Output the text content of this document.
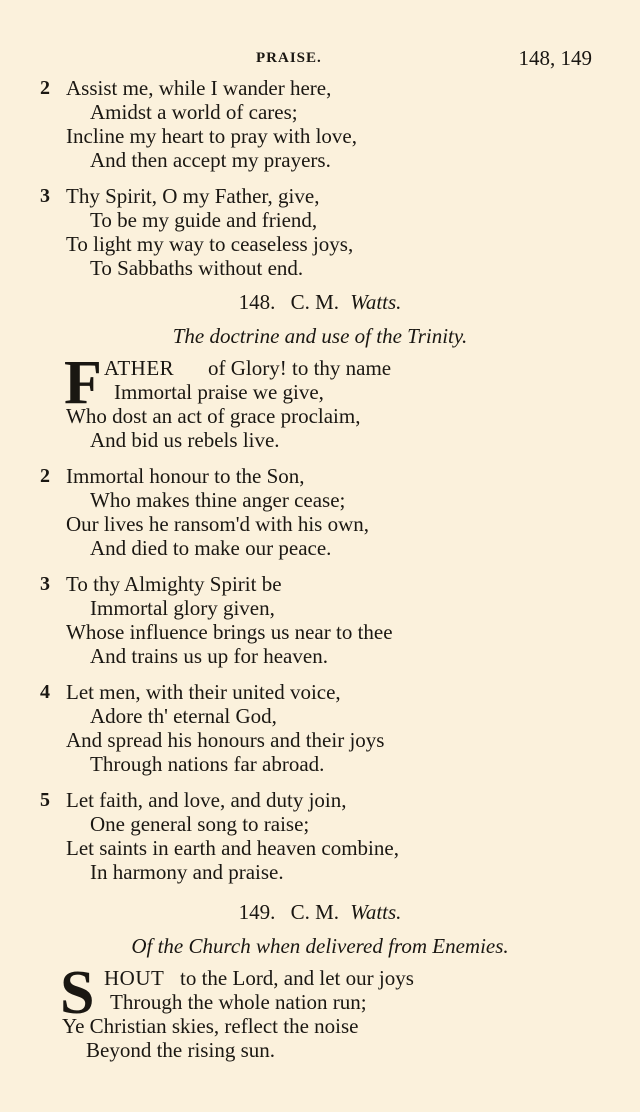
PRAISE.	148, 149
2 Assist me, while I wander here,
Amidst a world of cares;
Incline my heart to pray with love,
And then accept my prayers.
3 Thy Spirit, O my Father, give,
To be my guide and friend,
To light my way to ceaseless joys,
To Sabbaths without end.
148. C. M. Watts.
The doctrine and use of the Trinity.
F ATHER of Glory! to thy name
Immortal praise we give,
Who dost an act of grace proclaim,
And bid us rebels live.
2 Immortal honour to the Son,
Who makes thine anger cease;
Our lives he ransom'd with his own,
And died to make our peace.
3 To thy Almighty Spirit be
Immortal glory given,
Whose influence brings us near to thee
And trains us up for heaven.
4 Let men, with their united voice,
Adore th' eternal God,
And spread his honours and their joys
Through nations far abroad.
5 Let faith, and love, and duty join,
One general song to raise;
Let saints in earth and heaven combine,
In harmony and praise.
149. C. M. Watts.
Of the Church when delivered from Enemies.
S HOUT to the Lord, and let our joys
Through the whole nation run;
Ye Christian skies, reflect the noise
Beyond the rising sun.
